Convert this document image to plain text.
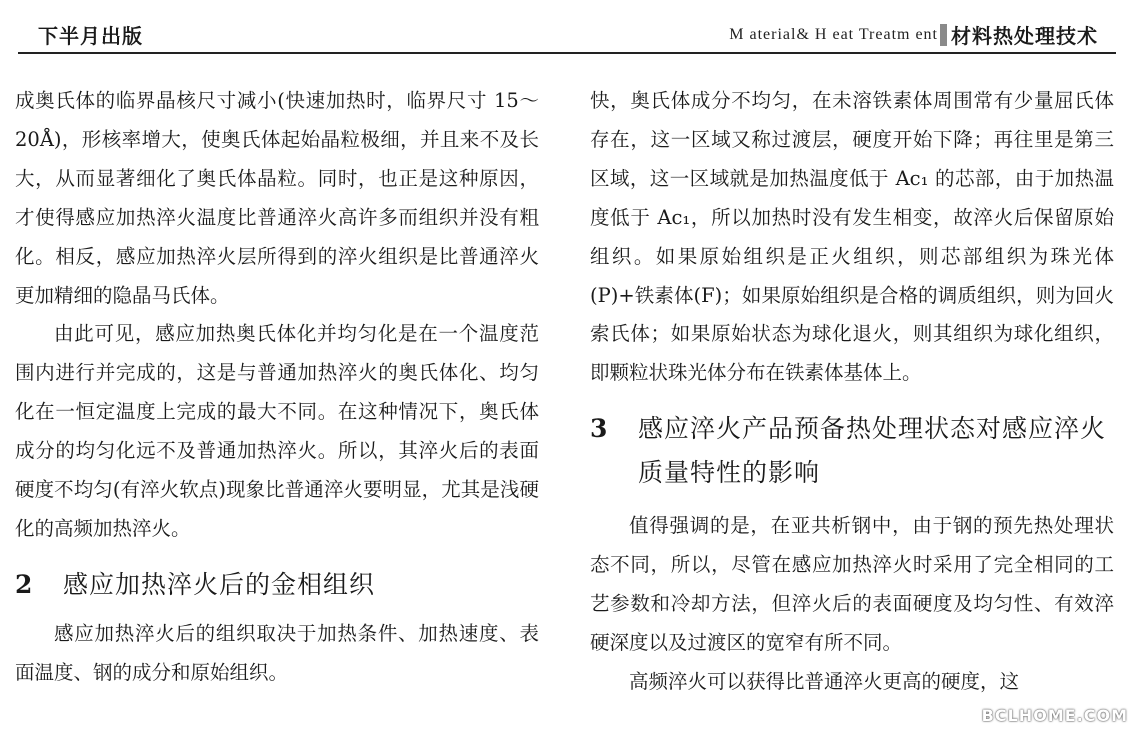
下半月出版	M aterial& H eat Treatm ent 材料热处理技术

成奥氏体的临界晶核尺寸减小(快速加热时，临界尺寸 15～20Å)，形核率增大，使奥氏体起始晶粒极细，并且来不及长大，从而显著细化了奥氏体晶粒。同时，也正是这种原因，才使得感应加热淬火温度比普通淬火高许多而组织并没有粗化。相反，感应加热淬火层所得到的淬火组织是比普通淬火更加精细的隐晶马氏体。

由此可见，感应加热奥氏体化并均匀化是在一个温度范围内进行并完成的，这是与普通加热淬火的奥氏体化、均匀化在一恒定温度上完成的最大不同。在这种情况下，奥氏体成分的均匀化远不及普通加热淬火。所以，其淬火后的表面硬度不均匀(有淬火软点)现象比普通淬火要明显，尤其是浅硬化的高频加热淬火。

2	感应加热淬火后的金相组织

感应加热淬火后的组织取决于加热条件、加热速度、表面温度、钢的成分和原始组织。

快，奥氏体成分不均匀，在未溶铁素体周围常有少量屈氏体存在，这一区域又称过渡层，硬度开始下降；再往里是第三区域，这一区域就是加热温度低于 Ac₁ 的芯部，由于加热温度低于 Ac₁，所以加热时没有发生相变，故淬火后保留原始组织。如果原始组织是正火组织，则芯部组织为珠光体(P)+铁素体(F)；如果原始组织是合格的调质组织，则为回火索氏体；如果原始状态为球化退火，则其组织为球化组织，即颗粒状珠光体分布在铁素体基体上。

3	感应淬火产品预备热处理状态对感应淬火质量特性的影响

值得强调的是，在亚共析钢中，由于钢的预先热处理状态不同，所以，尽管在感应加热淬火时采用了完全相同的工艺参数和冷却方法，但淬火后的表面硬度及均匀性、有效淬硬深度以及过渡区的宽窄有所不同。

高频淬火可以获得比普通淬火更高的硬度，这

BCLHOME.COM
